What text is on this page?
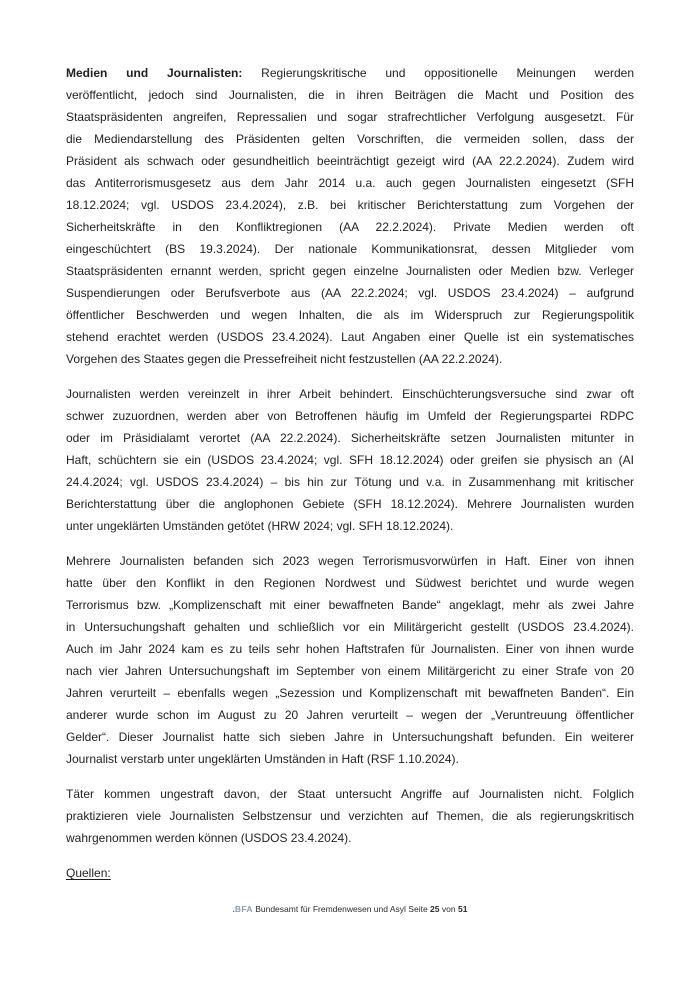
Medien und Journalisten: Regierungskritische und oppositionelle Meinungen werden
veröffentlicht, jedoch sind Journalisten, die in ihren Beiträgen die Macht und Position des
Staatspräsidenten angreifen, Repressalien und sogar strafrechtlicher Verfolgung ausgesetzt. Für
die Mediendarstellung des Präsidenten gelten Vorschriften, die vermeiden sollen, dass der
Präsident als schwach oder gesundheitlich beeinträchtigt gezeigt wird (AA 22.2.2024). Zudem wird
das Antiterrorismusgesetz aus dem Jahr 2014 u.a. auch gegen Journalisten eingesetzt (SFH
18.12.2024; vgl. USDOS 23.4.2024), z.B. bei kritischer Berichterstattung zum Vorgehen der
Sicherheitskräfte in den Konfliktregionen (AA 22.2.2024). Private Medien werden oft
eingeschüchtert (BS 19.3.2024). Der nationale Kommunikationsrat, dessen Mitglieder vom
Staatspräsidenten ernannt werden, spricht gegen einzelne Journalisten oder Medien bzw. Verleger
Suspendierungen oder Berufsverbote aus (AA 22.2.2024; vgl. USDOS 23.4.2024) – aufgrund
öffentlicher Beschwerden und wegen Inhalten, die als im Widerspruch zur Regierungspolitik
stehend erachtet werden (USDOS 23.4.2024). Laut Angaben einer Quelle ist ein systematisches
Vorgehen des Staates gegen die Pressefreiheit nicht festzustellen (AA 22.2.2024).
Journalisten werden vereinzelt in ihrer Arbeit behindert. Einschüchterungsversuche sind zwar oft
schwer zuzuordnen, werden aber von Betroffenen häufig im Umfeld der Regierungspartei RDPC
oder im Präsidialamt verortet (AA 22.2.2024). Sicherheitskräfte setzen Journalisten mitunter in
Haft, schüchtern sie ein (USDOS 23.4.2024; vgl. SFH 18.12.2024) oder greifen sie physisch an (AI
24.4.2024; vgl. USDOS 23.4.2024) – bis hin zur Tötung und v.a. in Zusammenhang mit kritischer
Berichterstattung über die anglophonen Gebiete (SFH 18.12.2024). Mehrere Journalisten wurden
unter ungeklärten Umständen getötet (HRW 2024; vgl. SFH 18.12.2024).
Mehrere Journalisten befanden sich 2023 wegen Terrorismusvorwürfen in Haft. Einer von ihnen
hatte über den Konflikt in den Regionen Nordwest und Südwest berichtet und wurde wegen
Terrorismus bzw. „Komplizenschaft mit einer bewaffneten Bande“ angeklagt, mehr als zwei Jahre
in Untersuchungshaft gehalten und schließlich vor ein Militärgericht gestellt (USDOS 23.4.2024).
Auch im Jahr 2024 kam es zu teils sehr hohen Haftstrafen für Journalisten. Einer von ihnen wurde
nach vier Jahren Untersuchungshaft im September von einem Militärgericht zu einer Strafe von 20
Jahren verurteilt – ebenfalls wegen „Sezession und Komplizenschaft mit bewaffneten Banden“. Ein
anderer wurde schon im August zu 20 Jahren verurteilt – wegen der „Veruntreuung öffentlicher
Gelder“. Dieser Journalist hatte sich sieben Jahre in Untersuchungshaft befunden. Ein weiterer
Journalist verstarb unter ungeklärten Umständen in Haft (RSF 1.10.2024).
Täter kommen ungestraft davon, der Staat untersucht Angriffe auf Journalisten nicht. Folglich
praktizieren viele Journalisten Selbstzensur und verzichten auf Themen, die als regierungskritisch
wahrgenommen werden können (USDOS 23.4.2024).
Quellen:
.BFA Bundesamt für Fremdenwesen und Asyl Seite 25 von 51
